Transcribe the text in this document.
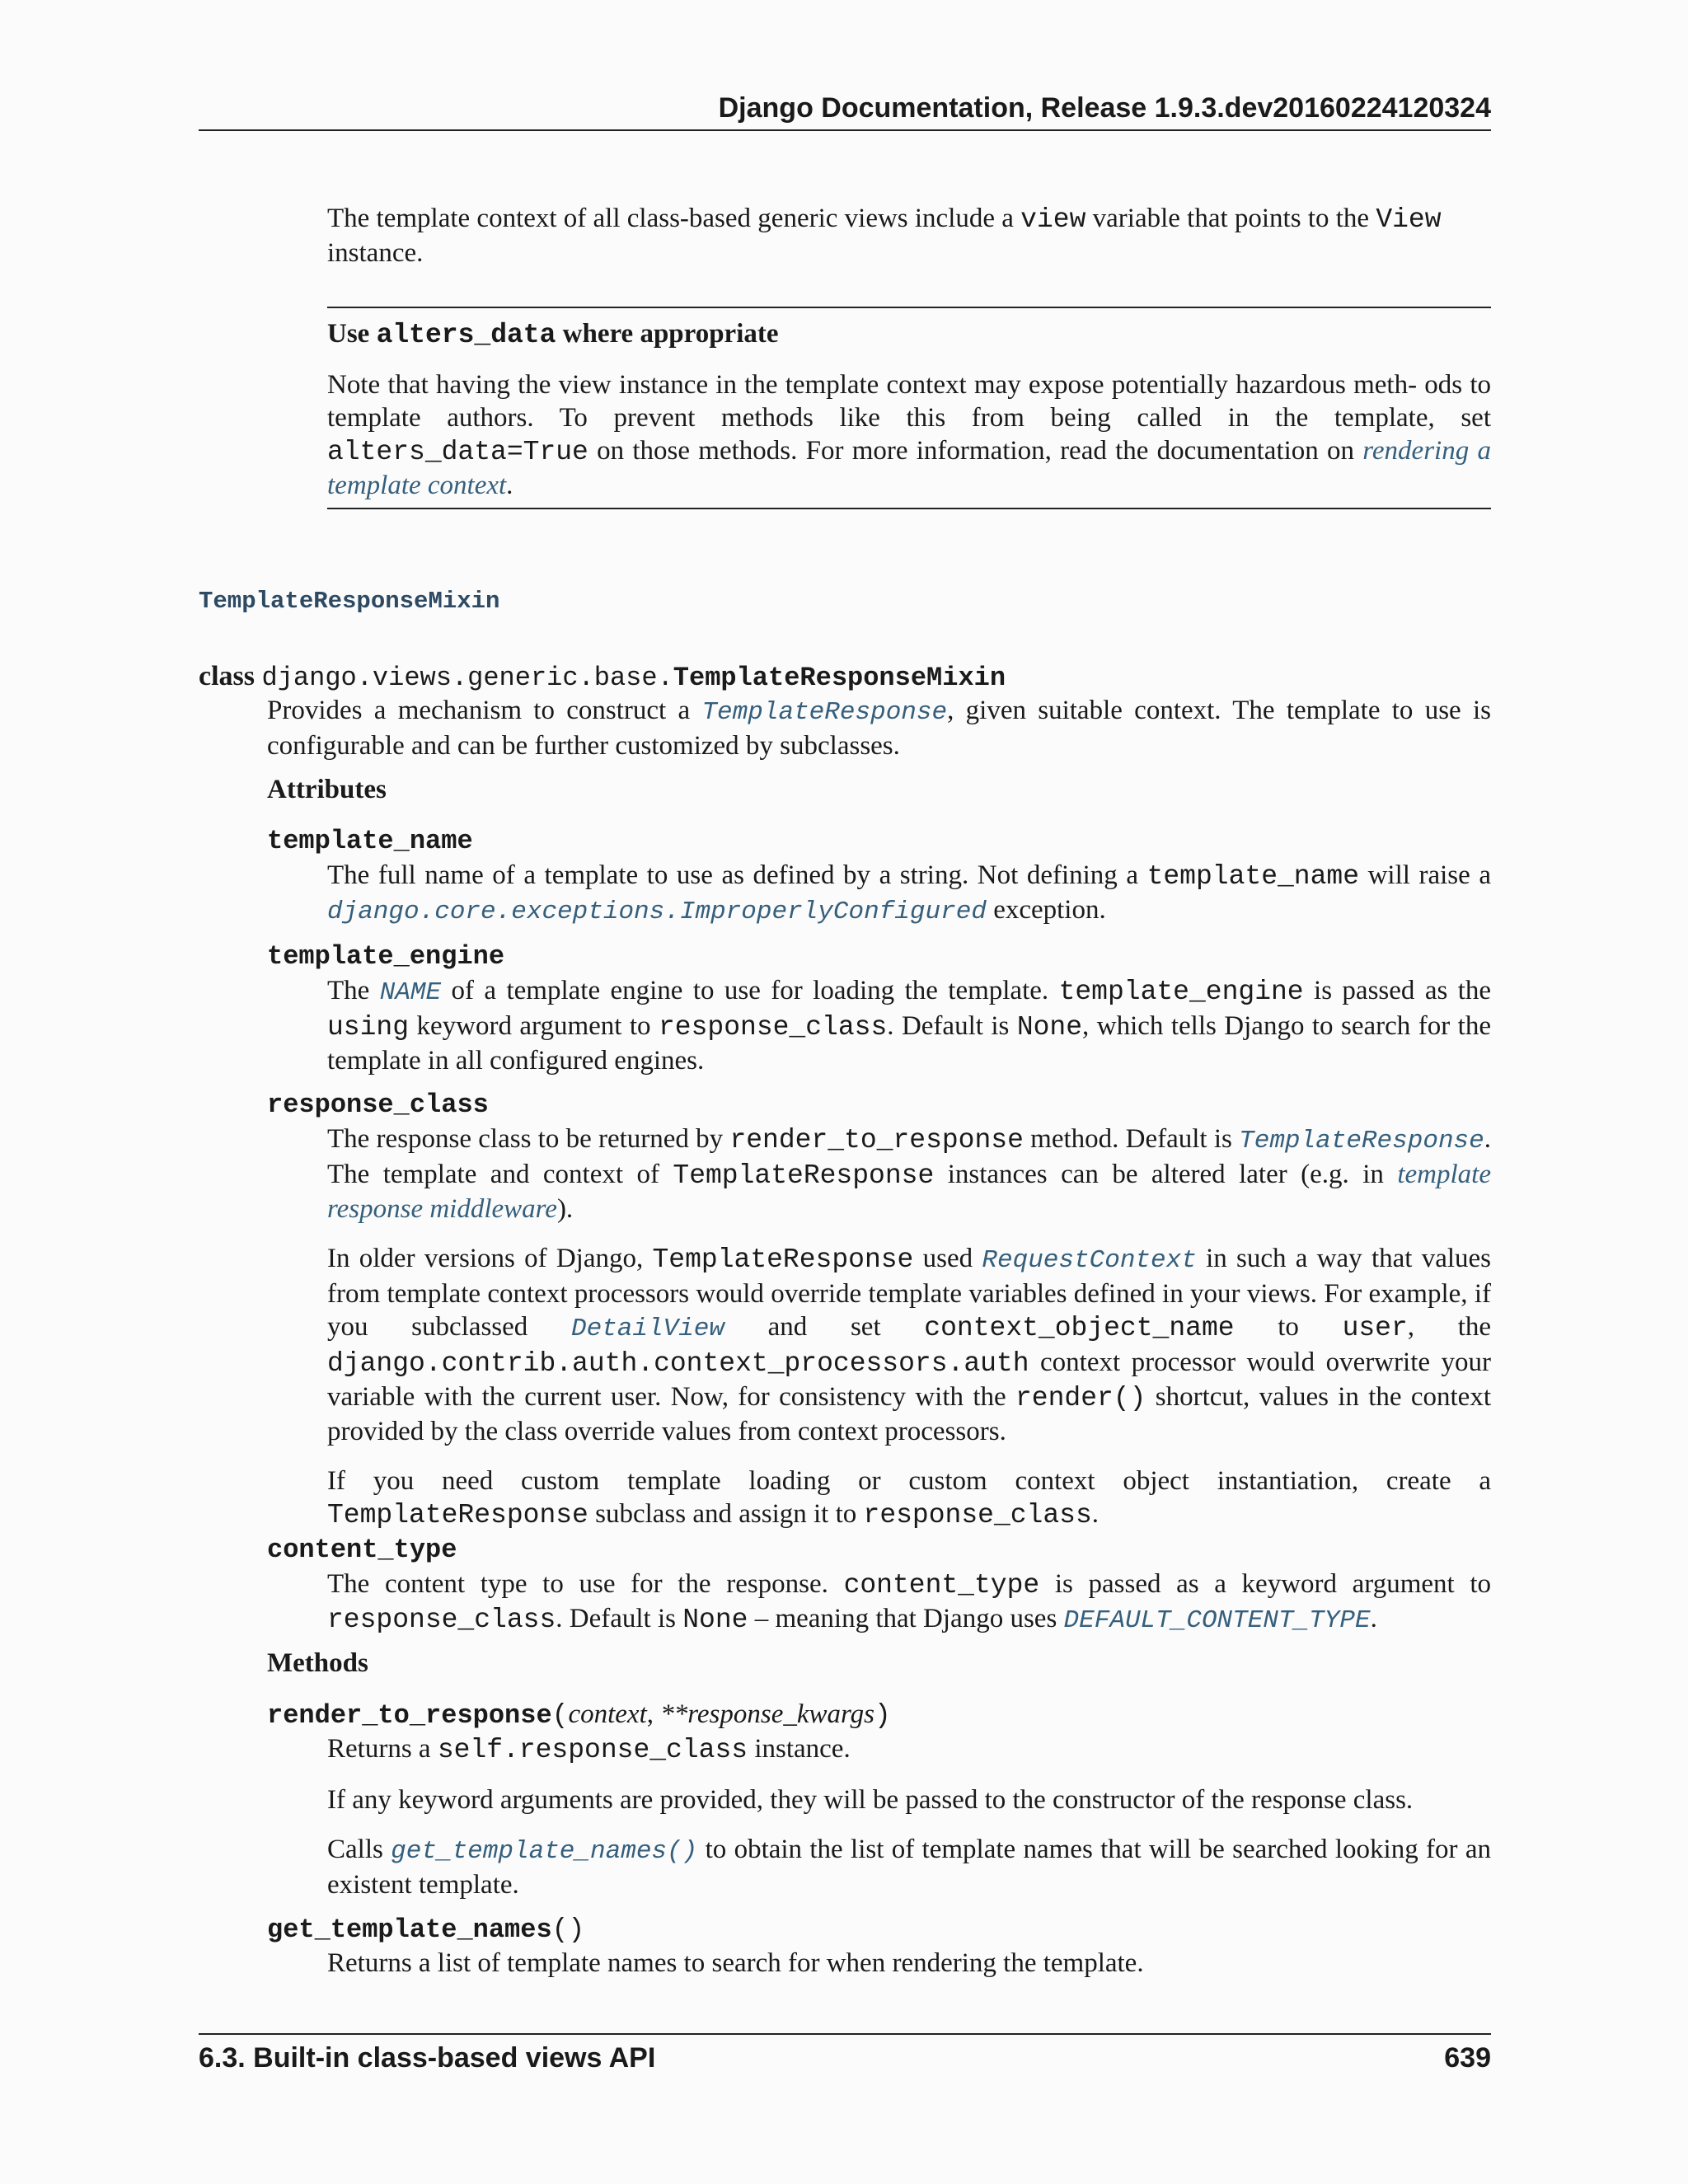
Django Documentation, Release 1.9.3.dev20160224120324

The template context of all class-based generic views include a view variable that points to the View
instance.

Use alters_data where appropriate

Note that having the view instance in the template context may expose potentially hazardous meth- ods to template authors. To prevent methods like this from being called in the template, set alters_data=True on those methods. For more information, read the documentation on rendering a template context.

TemplateResponseMixin
class django.views.generic.base.TemplateResponseMixin

Provides a mechanism to construct a TemplateResponse, given suitable context. The template to use is configurable and can be further customized by subclasses.

Attributes
template_name

The full name of a template to use as defined by a string. Not defining a template_name will raise a django.core.exceptions.ImproperlyConfigured exception.

template_engine

The NAME of a template engine to use for loading the template. template_engine is passed as the using keyword argument to response_class. Default is None, which tells Django to search for the template in all configured engines.

response_class

The response class to be returned by render_to_response method. Default is TemplateResponse. The template and context of TemplateResponse instances can be altered later (e.g. in template response middleware).

In older versions of Django, TemplateResponse used RequestContext in such a way that values from template context processors would override template variables defined in your views. For example, if you subclassed DetailView and set context_object_name to user, the django.contrib.auth.context_processors.auth context processor would overwrite your variable with the current user. Now, for consistency with the render() shortcut, values in the context provided by the class override values from context processors.

If you need custom template loading or custom context object instantiation, create a TemplateResponse subclass and assign it to response_class.

content_type

The content type to use for the response. content_type is passed as a keyword argument to response_class. Default is None – meaning that Django uses DEFAULT_CONTENT_TYPE.

Methods
render_to_response(context, **response_kwargs)

Returns a self.response_class instance.

If any keyword arguments are provided, they will be passed to the constructor of the response class.

Calls get_template_names() to obtain the list of template names that will be searched looking for an existent template.

get_template_names()

Returns a list of template names to search for when rendering the template.

6.3. Built-in class-based views API	639
